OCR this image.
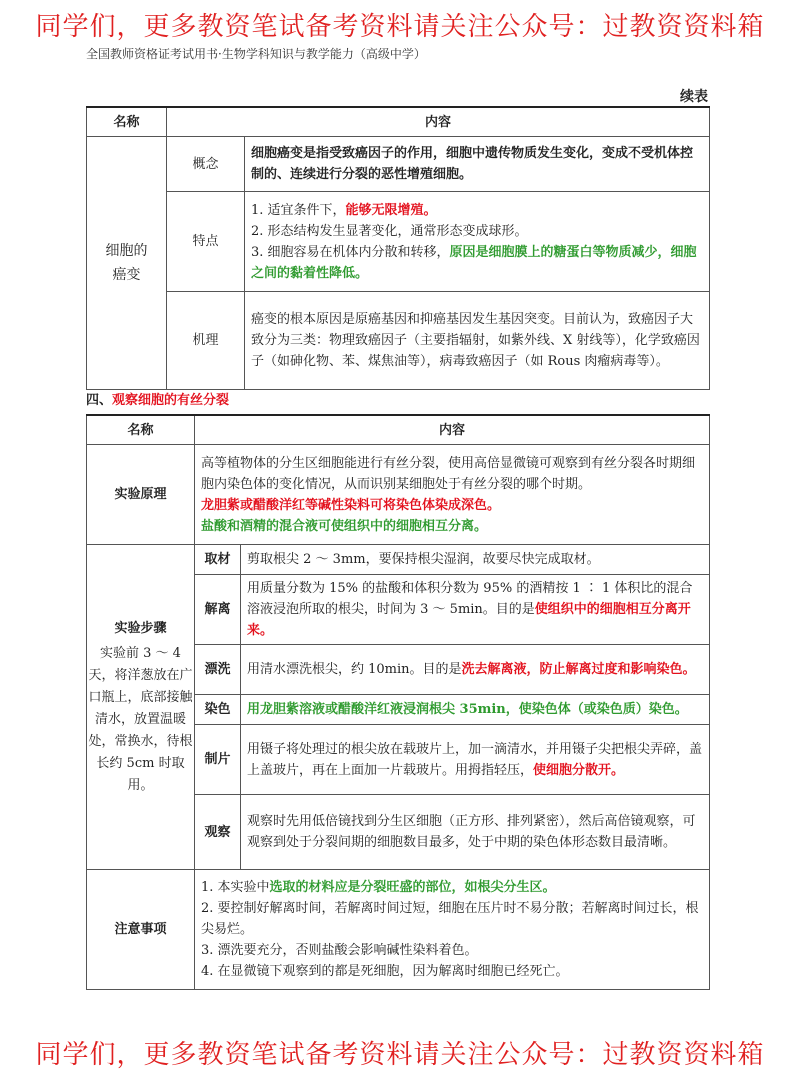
同学们，更多教资笔试备考资料请关注公众号：过教资资料箱
全国教师资格证考试用书·生物学科知识与教学能力（高级中学）
续表
名称	内容	

细胞的
癌变	概念	细胞癌变是指受致癌因子的作用，细胞中遗传物质发生变化，变成不受机体控制的、连续进行分裂的恶性增殖细胞。
	特点	1. 适宜条件下，能够无限增殖。
2. 形态结构发生显著变化，通常形态变成球形。
3. 细胞容易在机体内分散和转移，原因是细胞膜上的糖蛋白等物质减少，细胞之间的黏着性降低。

	机理	癌变的根本原因是原癌基因和抑癌基因发生基因突变。目前认为，致癌因子大致分为三类：物理致癌因子（主要指辐射，如紫外线、X 射线等），化学致癌因子（如砷化物、苯、煤焦油等），病毒致癌因子（如 Rous 肉瘤病毒等）。
四、观察细胞的有丝分裂
名称	内容	
实验原理	高等植物体的分生区细胞能进行有丝分裂，使用高倍显微镜可观察到有丝分裂各时期细胞内染色体的变化情况，从而识别某细胞处于有丝分裂的哪个时期。
龙胆紫或醋酸洋红等碱性染料可将染色体染成深色。
盐酸和酒精的混合液可使组织中的细胞相互分离。	

实验步骤
实验前 3 ～ 4 天，将洋葱放在广口瓶上，底部接触清水，放置温暖处，常换水，待根长约 5cm 时取用。	取材	剪取根尖 2 ～ 3mm，要保持根尖湿润，故要尽快完成取材。
	解离	用质量分数为 15% 的盐酸和体积分数为 95% 的酒精按 1 ∶ 1 体积比的混合溶液浸泡所取的根尖，时间为 3 ～ 5min。目的是使组织中的细胞相互分离开来。
	漂洗	用清水漂洗根尖，约 10min。目的是洗去解离液，防止解离过度和影响染色。
	染色	用龙胆紫溶液或醋酸洋红液浸润根尖 35min，使染色体（或染色质）染色。
	制片	用镊子将处理过的根尖放在载玻片上，加一滴清水，并用镊子尖把根尖弄碎，盖上盖玻片，再在上面加一片载玻片。用拇指轻压，使细胞分散开。
	观察	观察时先用低倍镜找到分生区细胞（正方形、排列紧密），然后高倍镜观察，可观察到处于分裂间期的细胞数目最多，处于中期的染色体形态数目最清晰。
注意事项	1. 本实验中选取的材料应是分裂旺盛的部位，如根尖分生区。
2. 要控制好解离时间，若解离时间过短，细胞在压片时不易分散；若解离时间过长，根尖易烂。
3. 漂洗要充分，否则盐酸会影响碱性染料着色。
4. 在显微镜下观察到的都是死细胞，因为解离时细胞已经死亡。	
同学们，更多教资笔试备考资料请关注公众号：过教资资料箱
